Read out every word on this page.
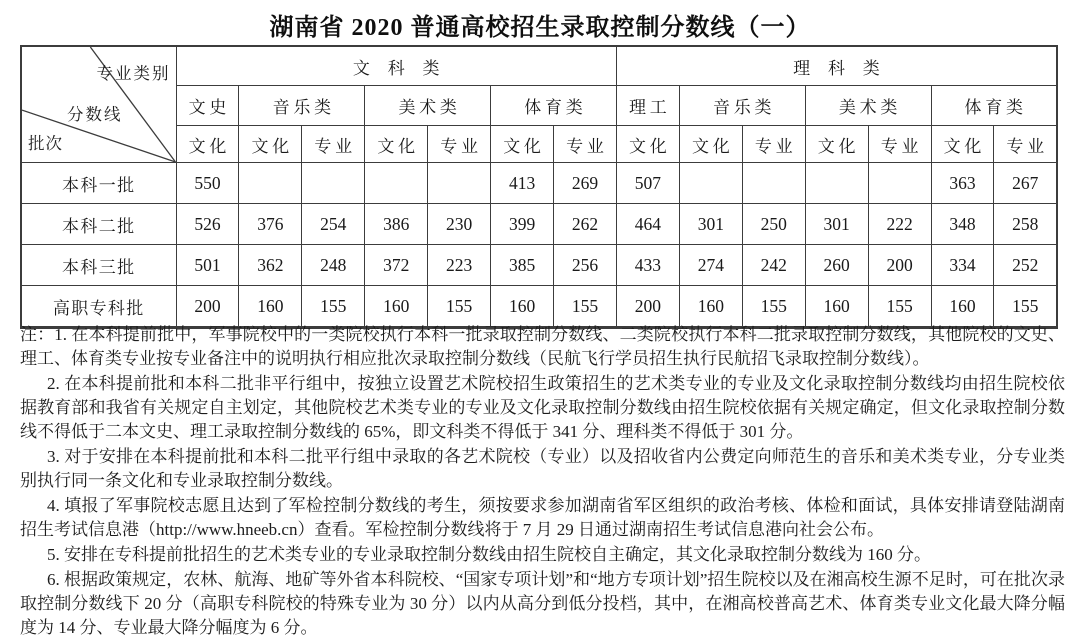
湖南省 2020 普通高校招生录取控制分数线（一）
专业类别
分数线
批次	文科类							理科类						
	文史	音乐类		美术类		体育类		理工	音乐类		美术类		体育类	
	文化	文化	专业	文化	专业	文化	专业	文化	文化	专业	文化	专业	文化	专业
本科一批	550					413	269	507					363	267
本科二批	526	376	254	386	230	399	262	464	301	250	301	222	348	258
本科三批	501	362	248	372	223	385	256	433	274	242	260	200	334	252
高职专科批	200	160	155	160	155	160	155	200	160	155	160	155	160	155

注：1. 在本科提前批中，军事院校中的一类院校执行本科一批录取控制分数线、二类院校执行本科二批录取控制分数线，其他院校的文史、理工、体育类专业按专业备注中的说明执行相应批次录取控制分数线（民航飞行学员招生执行民航招飞录取控制分数线）。

2. 在本科提前批和本科二批非平行组中，按独立设置艺术院校招生政策招生的艺术类专业的专业及文化录取控制分数线均由招生院校依据教育部和我省有关规定自主划定，其他院校艺术类专业的专业及文化录取控制分数线由招生院校依据有关规定确定，但文化录取控制分数线不得低于二本文史、理工录取控制分数线的 65%，即文科类不得低于 341 分、理科类不得低于 301 分。

3. 对于安排在本科提前批和本科二批平行组中录取的各艺术院校（专业）以及招收省内公费定向师范生的音乐和美术类专业，分专业类别执行同一条文化和专业录取控制分数线。

4. 填报了军事院校志愿且达到了军检控制分数线的考生，须按要求参加湖南省军区组织的政治考核、体检和面试，具体安排请登陆湖南招生考试信息港（http://www.hneeb.cn）查看。军检控制分数线将于 7 月 29 日通过湖南招生考试信息港向社会公布。

5. 安排在专科提前批招生的艺术类专业的专业录取控制分数线由招生院校自主确定，其文化录取控制分数线为 160 分。

6. 根据政策规定，农林、航海、地矿等外省本科院校、“国家专项计划”和“地方专项计划”招生院校以及在湘高校生源不足时，可在批次录取控制分数线下 20 分（高职专科院校的特殊专业为 30 分）以内从高分到低分投档，其中，在湘高校普高艺术、体育类专业文化最大降分幅度为 14 分、专业最大降分幅度为 6 分。
